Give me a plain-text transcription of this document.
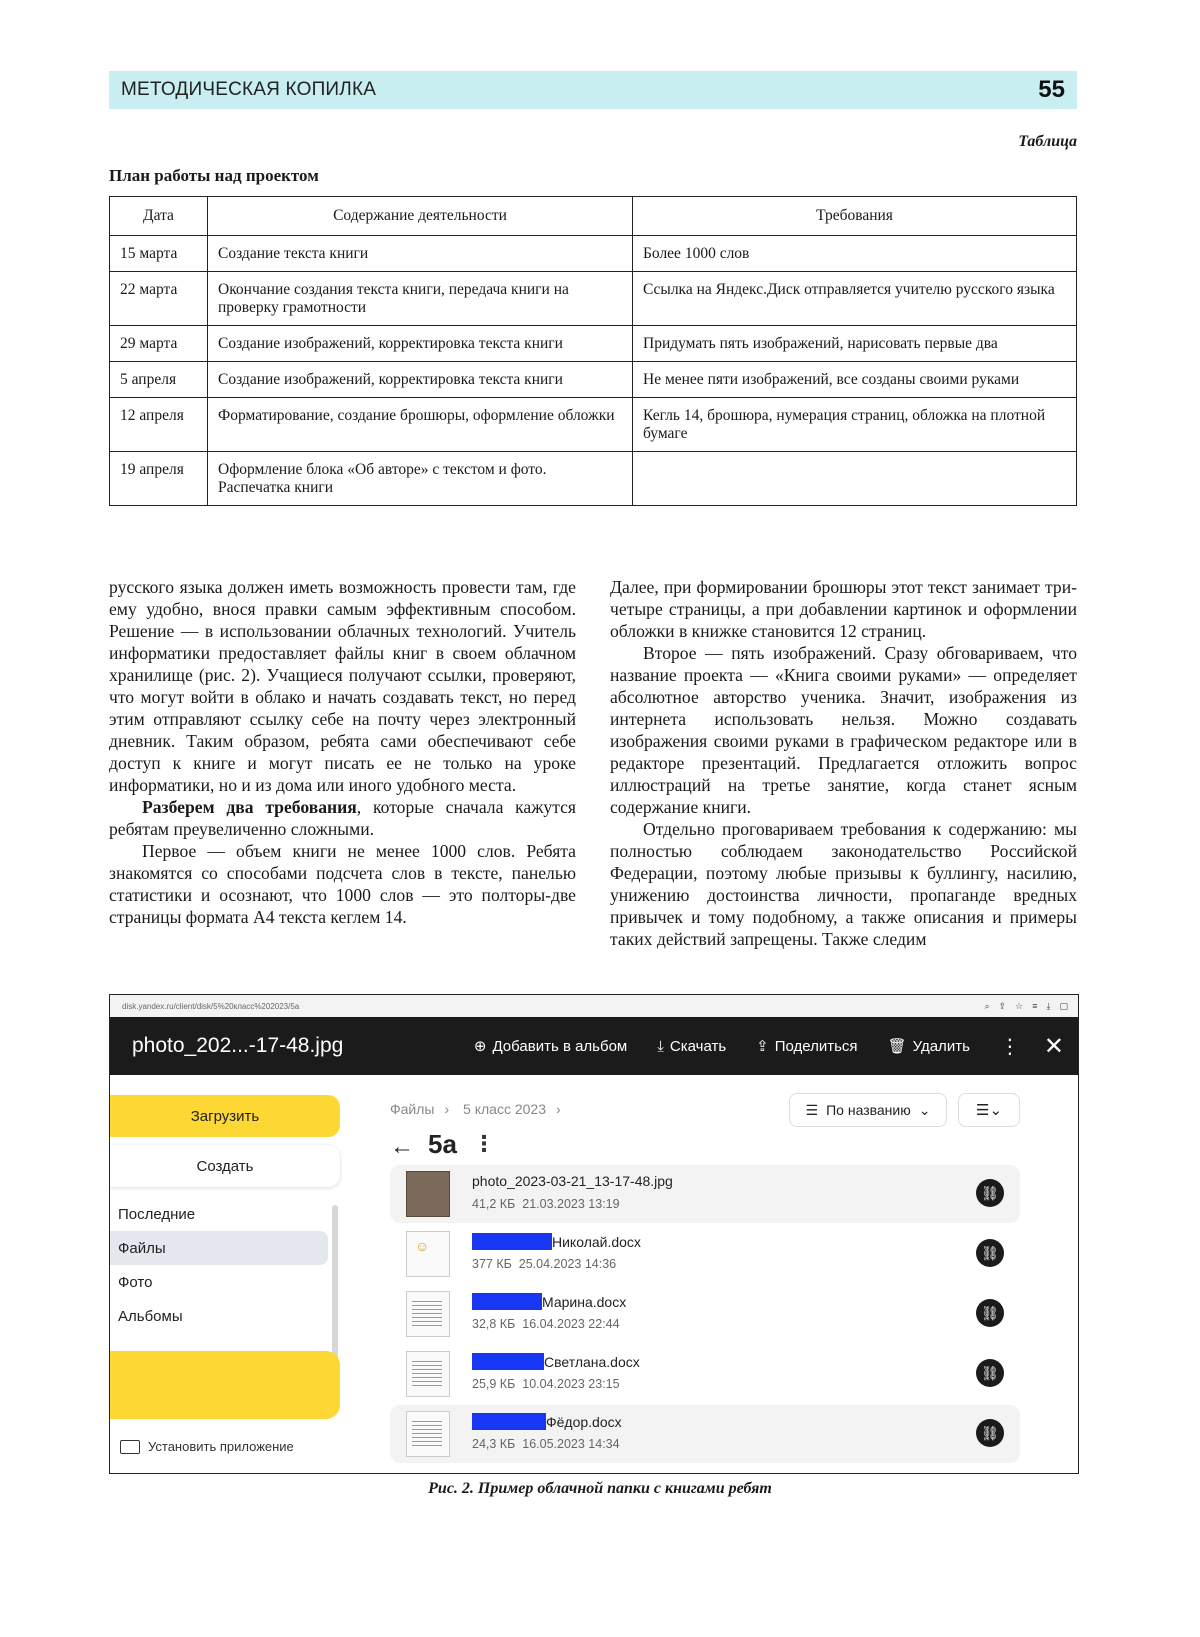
МЕТОДИЧЕСКАЯ КОПИЛКА	55
Таблица
План работы над проектом
Дата	Содержание деятельности	Требования
15 марта	Создание текста книги	Более 1000 слов
22 марта	Окончание создания текста книги, передача книги на проверку грамотности	Ссылка на Яндекс.Диск отправляется учителю русского языка
29 марта	Создание изображений, корректировка текста книги	Придумать пять изображений, нарисовать первые два
5 апреля	Создание изображений, корректировка текста книги	Не менее пяти изображений, все созданы своими руками
12 апреля	Форматирование, создание брошюры, оформление обложки	Кегль 14, брошюра, нумерация страниц, обложка на плотной бумаге
19 апреля	Оформление блока «Об авторе» с текстом и фото. Распечатка книги	

русского языка должен иметь возможность провести там, где ему удобно, внося правки самым эффективным способом. Решение — в использовании облачных технологий. Учитель информатики предоставляет файлы книг в своем облачном хранилище (рис. 2). Учащиеся получают ссылки, проверяют, что могут войти в облако и начать создавать текст, но перед этим отправляют ссылку себе на почту через электронный дневник. Таким образом, ребята сами обеспечивают себе доступ к книге и могут писать ее не только на уроке информатики, но и из дома или иного удобного места.

Разберем два требования, которые сначала кажутся ребятам преувеличенно сложными.

Первое — объем книги не менее 1000 слов. Ребята знакомятся со способами подсчета слов в тексте, панелью статистики и осознают, что 1000 слов — это полторы-две страницы формата А4 текста кеглем 14.

Далее, при формировании брошюры этот текст занимает три-четыре страницы, а при добавлении картинок и оформлении обложки в книжке становится 12 страниц.

Второе — пять изображений. Сразу обговариваем, что название проекта — «Книга своими руками» — определяет абсолютное авторство ученика. Значит, изображения из интернета использовать нельзя. Можно создавать изображения своими руками в графическом редакторе или в редакторе презентаций. Предлагается отложить вопрос иллюстраций на третье занятие, когда станет ясным содержание книги.

Отдельно проговариваем требования к содержанию: мы полностью соблюдаем законодательство Российской Федерации, поэтому любые призывы к буллингу, насилию, унижению достоинства личности, пропаганде вредных привычек и тому подобному, а также описания и примеры таких действий запрещены. Также следим

disk.yandex.ru/client/disk/5%20класс%202023/5а	⌕ ⇪ ☆ ≡ ⤓ ▢
photo_202...-17-48.jpg	⊕ Добавить в альбом ⤓ Скачать ⇪ Поделиться 🗑 Удалить ⋮ ✕
Загрузить
Создать
Последние
Файлы
Фото
Альбомы
Установить приложение
Файлы › 5 класс 2023 ›	☰ По названию ⌄	☰ ⌄
← 5а ⋮
photo_2023-03-21_13-17-48.jpg
41,2 КБ 21.03.2023 13:19
⛓
☺	Николай.docx
377 КБ 25.04.2023 14:36
⛓
Марина.docx
32,8 КБ 16.04.2023 22:44
⛓
Светлана.docx
25,9 КБ 10.04.2023 23:15
⛓
Фёдор.docx
24,3 КБ 16.05.2023 14:34
⛓
Рис. 2. Пример облачной папки с книгами ребят
